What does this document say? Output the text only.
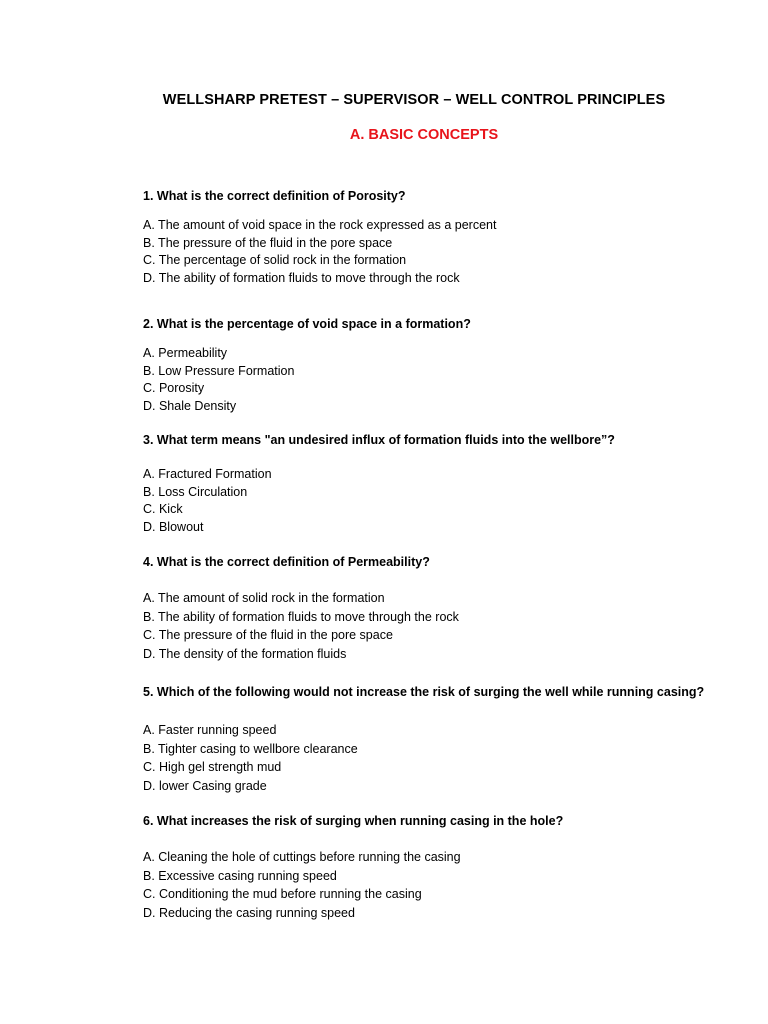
WELLSHARP PRETEST – SUPERVISOR – WELL CONTROL PRINCIPLES
A. BASIC CONCEPTS
1. What is the correct definition of Porosity?
A. The amount of void space in the rock expressed as a percent
B. The pressure of the fluid in the pore space
C. The percentage of solid rock in the formation
D. The ability of formation fluids to move through the rock
2. What is the percentage of void space in a formation?
A. Permeability
B. Low Pressure Formation
C. Porosity
D. Shale Density
3. What term means "an undesired influx of formation fluids into the wellbore”?
A. Fractured Formation
B. Loss Circulation
C. Kick
D. Blowout
4. What is the correct definition of Permeability?
A. The amount of solid rock in the formation
B. The ability of formation fluids to move through the rock
C. The pressure of the fluid in the pore space
D. The density of the formation fluids
5. Which of the following would not increase the risk of surging the well while running casing?
A. Faster running speed
B. Tighter casing to wellbore clearance
C. High gel strength mud
D. lower Casing grade
6. What increases the risk of surging when running casing in the hole?
A. Cleaning the hole of cuttings before running the casing
B. Excessive casing running speed
C. Conditioning the mud before running the casing
D. Reducing the casing running speed
